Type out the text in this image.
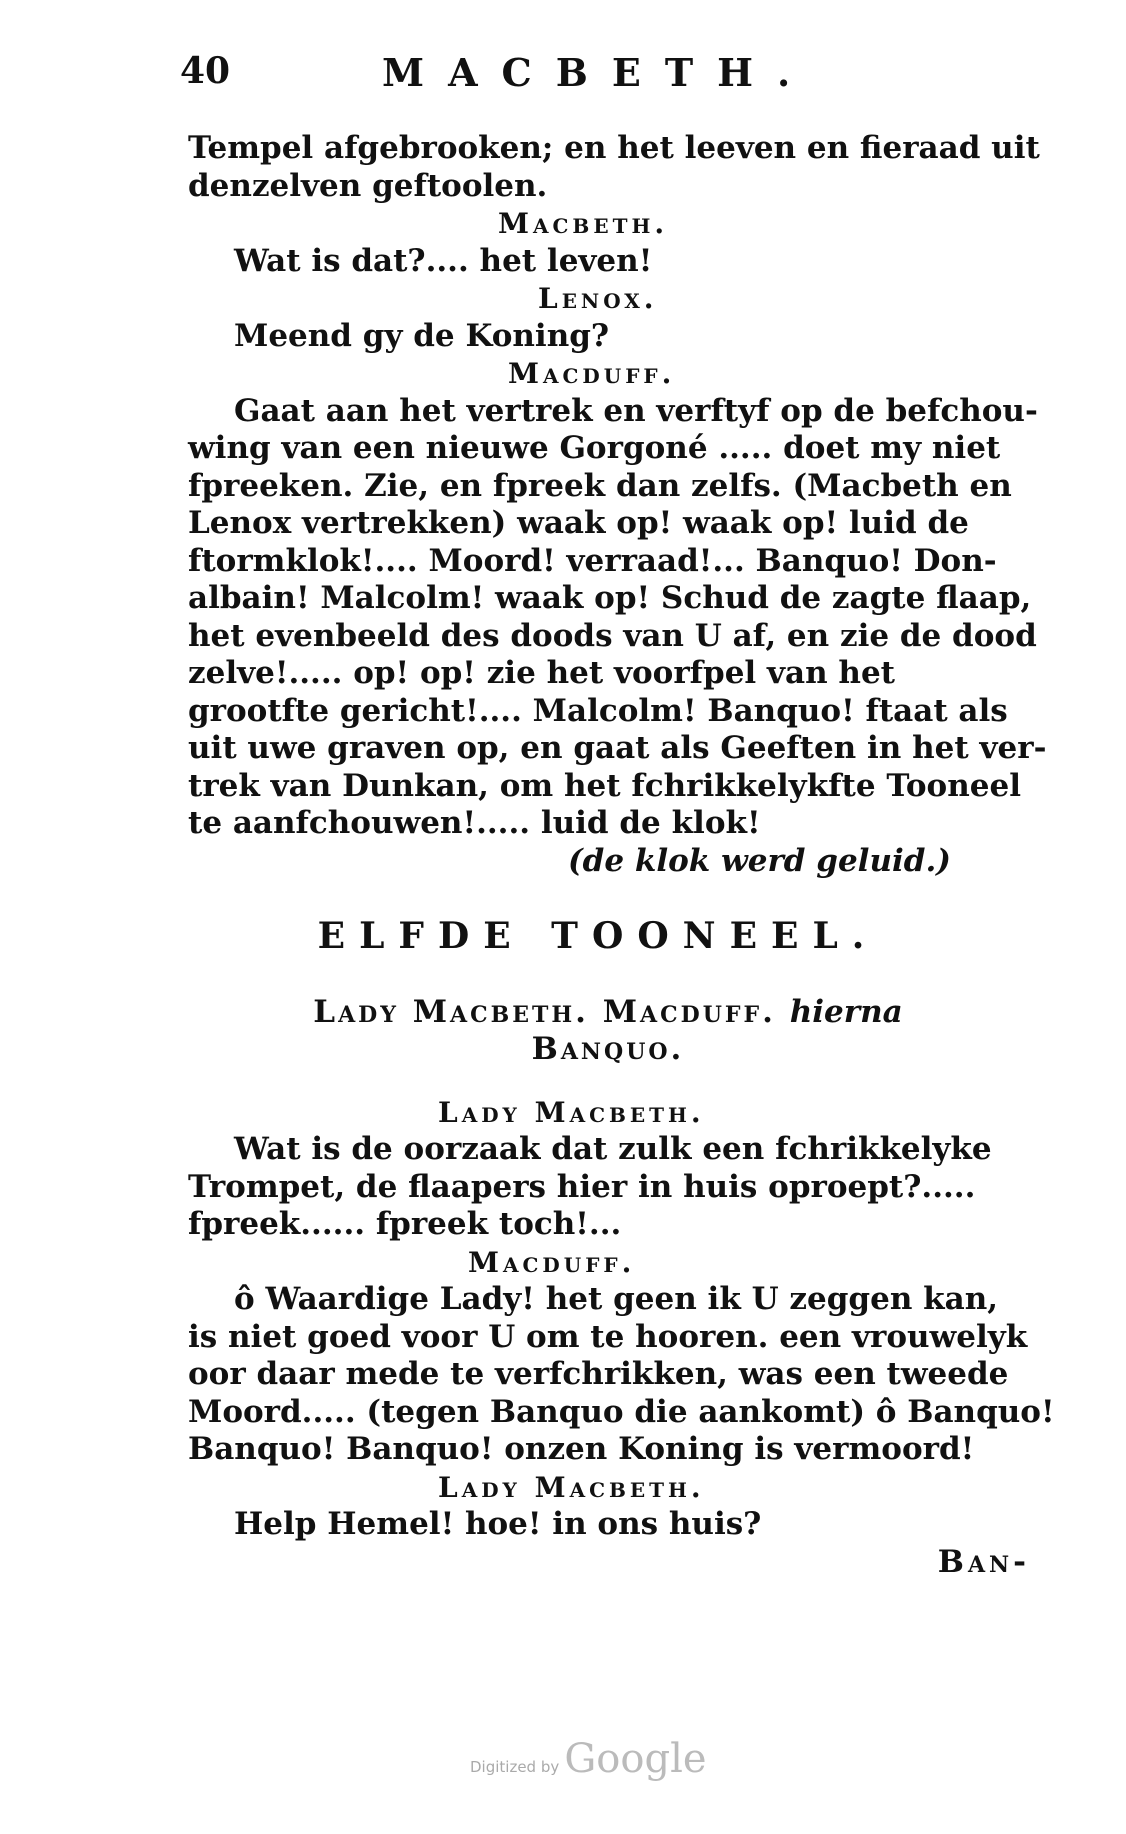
40	MACBETH.
Tempel afgebrooken; en het leeven en fieraad uit
denzelven geftoolen.
Macbeth.
Wat is dat?.... het leven!
Lenox.
Meend gy de Koning?
Macduff.
Gaat aan het vertrek en verftyf op de befchou-
wing van een nieuwe Gorgoné ..... doet my niet
fpreeken. Zie, en fpreek dan zelfs. (Macbeth en
Lenox vertrekken) waak op! waak op! luid de
ftormklok!.... Moord! verraad!... Banquo! Don-
albain! Malcolm! waak op! Schud de zagte flaap,
het evenbeeld des doods van U af, en zie de dood
zelve!..... op! op! zie het voorfpel van het
grootfte gericht!.... Malcolm! Banquo! ftaat als
uit uwe graven op, en gaat als Geeften in het ver-
trek van Dunkan, om het fchrikkelykfte Tooneel
te aanfchouwen!..... luid de klok!
(de klok werd geluid.)
ELFDE TOONEEL.
Lady Macbeth. Macduff. hierna
Banquo.
Lady Macbeth.
Wat is de oorzaak dat zulk een fchrikkelyke
Trompet, de flaapers hier in huis oproept?.....
fpreek...... fpreek toch!...
Macduff.
ô Waardige Lady! het geen ik U zeggen kan,
is niet goed voor U om te hooren. een vrouwelyk
oor daar mede te verfchrikken, was een tweede
Moord..... (tegen Banquo die aankomt) ô Banquo!
Banquo! Banquo! onzen Koning is vermoord!
Lady Macbeth.
Help Hemel! hoe! in ons huis?
Ban-
Digitized by Google
